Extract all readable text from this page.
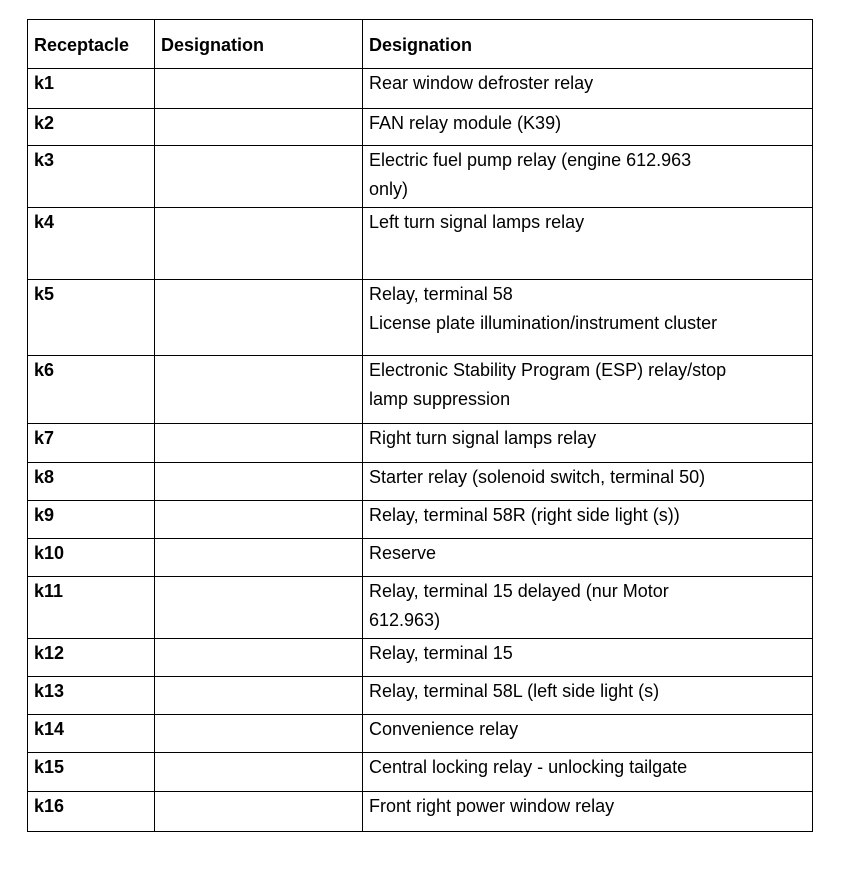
Receptacle	Designation	Designation
k1		Rear window defroster relay

k2		FAN relay module (K39)

k3		Electric fuel pump relay (engine 612.963
only)

k4		Left turn signal lamps relay

k5		Relay, terminal 58
License plate illumination/instrument cluster

k6		Electronic Stability Program (ESP) relay/stop
lamp suppression

k7		Right turn signal lamps relay

k8		Starter relay (solenoid switch, terminal 50)

k9		Relay, terminal 58R (right side light (s))

k10		Reserve

k11		Relay, terminal 15 delayed (nur Motor
612.963)

k12		Relay, terminal 15

k13		Relay, terminal 58L (left side light (s)

k14		Convenience relay

k15		Central locking relay - unlocking tailgate

k16		Front right power window relay
